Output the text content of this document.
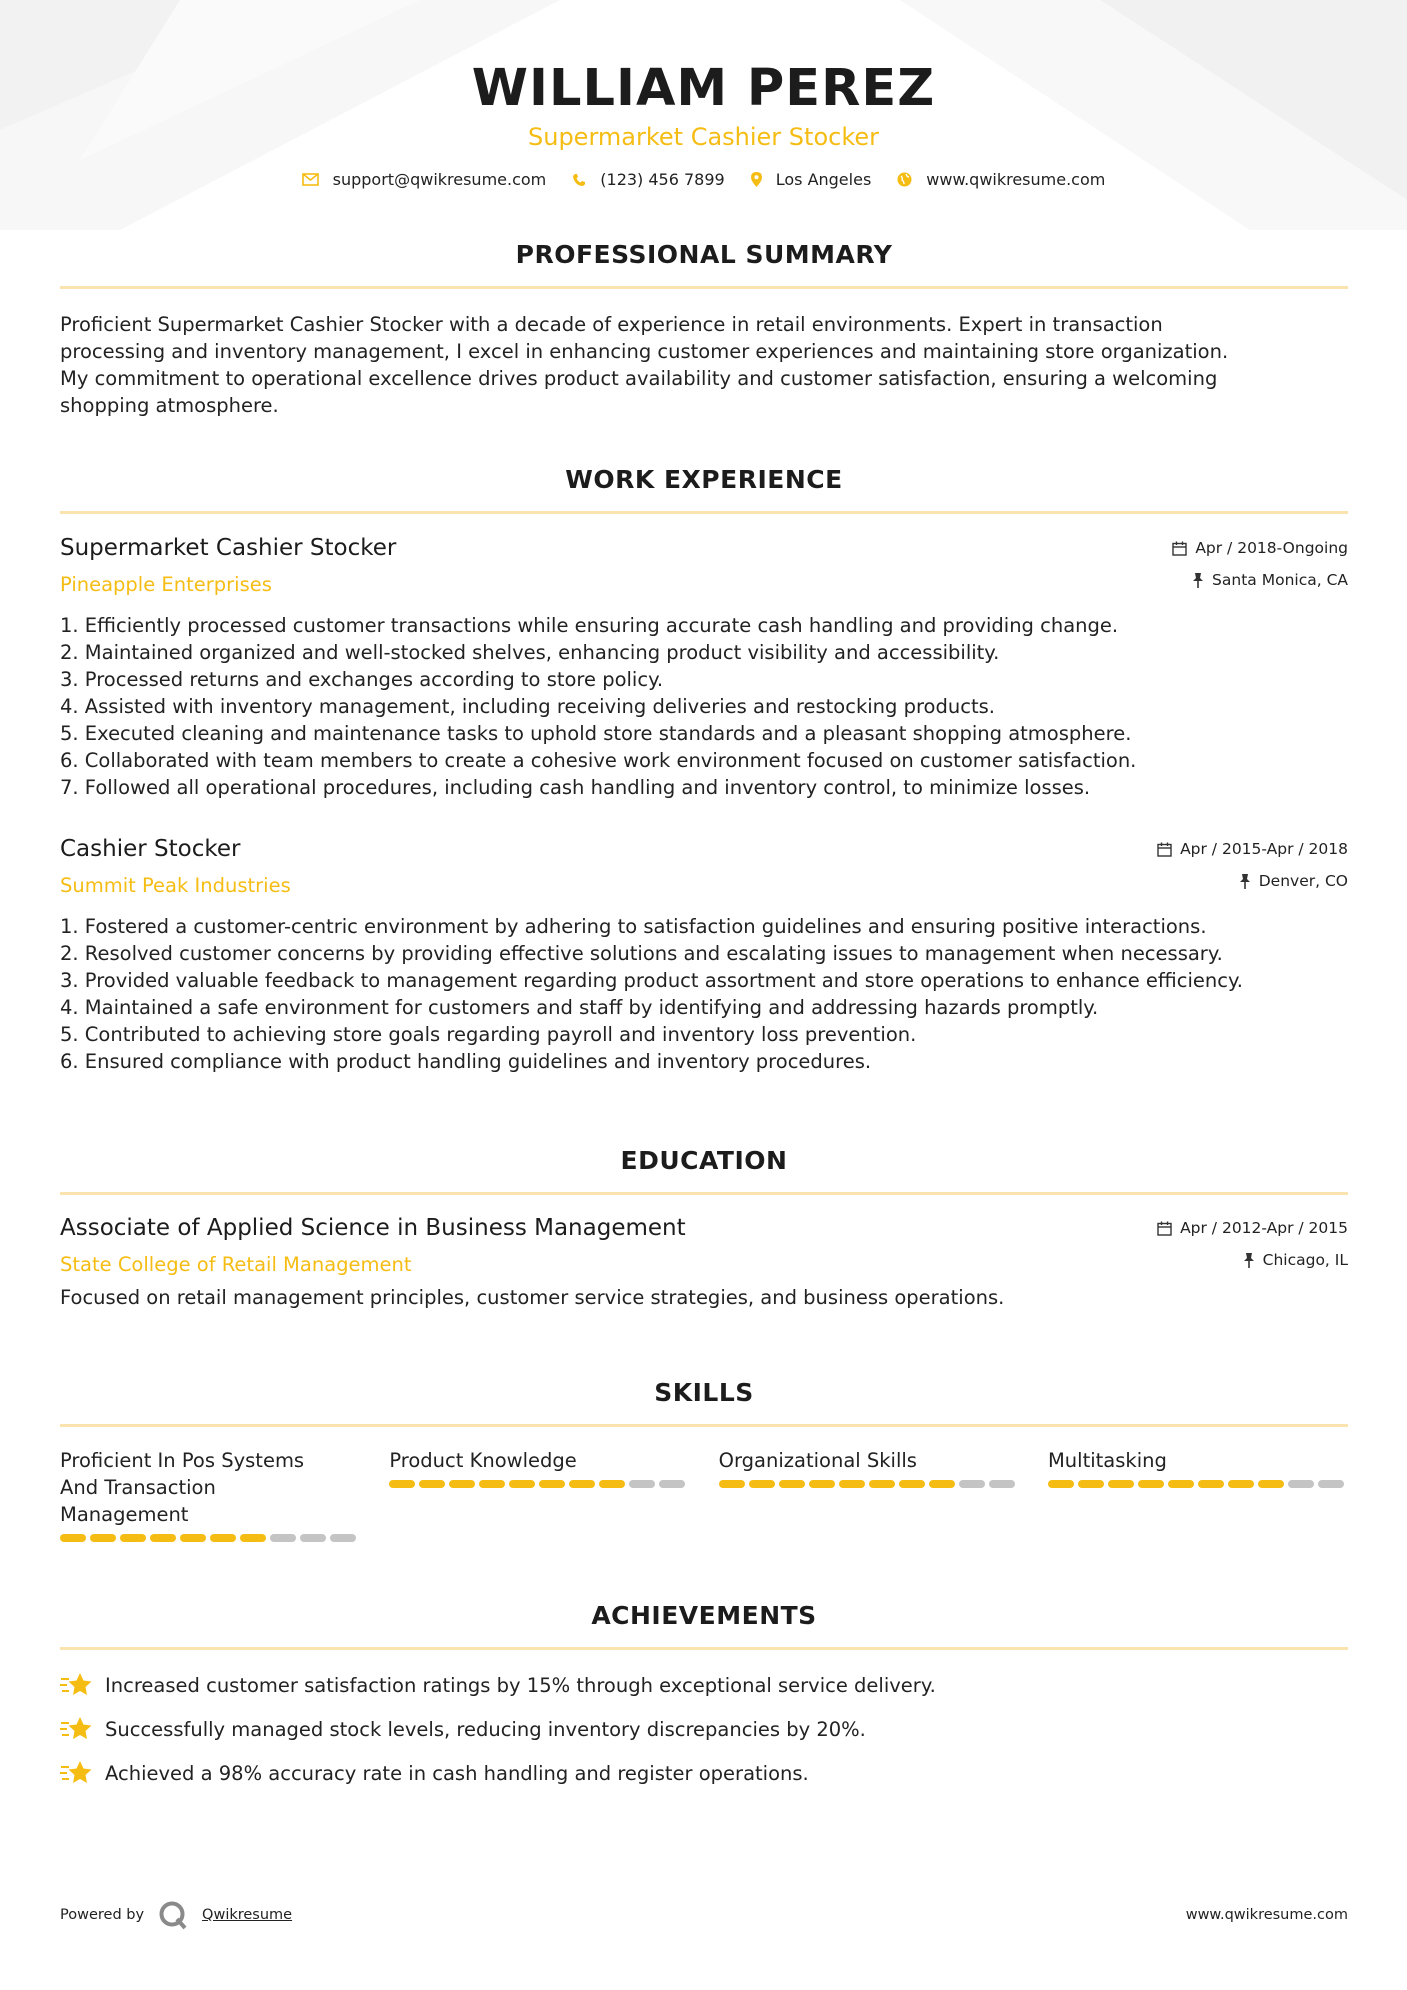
WILLIAM PEREZ
Supermarket Cashier Stocker
support@qwikresume.com	(123) 456 7899	Los Angeles	www.qwikresume.com
PROFESSIONAL SUMMARY
Proficient Supermarket Cashier Stocker with a decade of experience in retail environments. Expert in transaction
processing and inventory management, I excel in enhancing customer experiences and maintaining store organization.
My commitment to operational excellence drives product availability and customer satisfaction, ensuring a welcoming
shopping atmosphere.
WORK EXPERIENCE
Supermarket Cashier Stocker
Pineapple Enterprises
Apr / 2018-Ongoing
Santa Monica, CA
1. Efficiently processed customer transactions while ensuring accurate cash handling and providing change.
2. Maintained organized and well-stocked shelves, enhancing product visibility and accessibility.
3. Processed returns and exchanges according to store policy.
4. Assisted with inventory management, including receiving deliveries and restocking products.
5. Executed cleaning and maintenance tasks to uphold store standards and a pleasant shopping atmosphere.
6. Collaborated with team members to create a cohesive work environment focused on customer satisfaction.
7. Followed all operational procedures, including cash handling and inventory control, to minimize losses.
Cashier Stocker
Summit Peak Industries
Apr / 2015-Apr / 2018
Denver, CO
1. Fostered a customer-centric environment by adhering to satisfaction guidelines and ensuring positive interactions.
2. Resolved customer concerns by providing effective solutions and escalating issues to management when necessary.
3. Provided valuable feedback to management regarding product assortment and store operations to enhance efficiency.
4. Maintained a safe environment for customers and staff by identifying and addressing hazards promptly.
5. Contributed to achieving store goals regarding payroll and inventory loss prevention.
6. Ensured compliance with product handling guidelines and inventory procedures.
EDUCATION
Associate of Applied Science in Business Management
State College of Retail Management
Apr / 2012-Apr / 2015
Chicago, IL
Focused on retail management principles, customer service strategies, and business operations.
SKILLS
Proficient In Pos Systems
And Transaction
Management
Product Knowledge	Organizational Skills	Multitasking
ACHIEVEMENTS
Increased customer satisfaction ratings by 15% through exceptional service delivery.
Successfully managed stock levels, reducing inventory discrepancies by 20%.
Achieved a 98% accuracy rate in cash handling and register operations.
Powered by	Qwikresume	www.qwikresume.com
